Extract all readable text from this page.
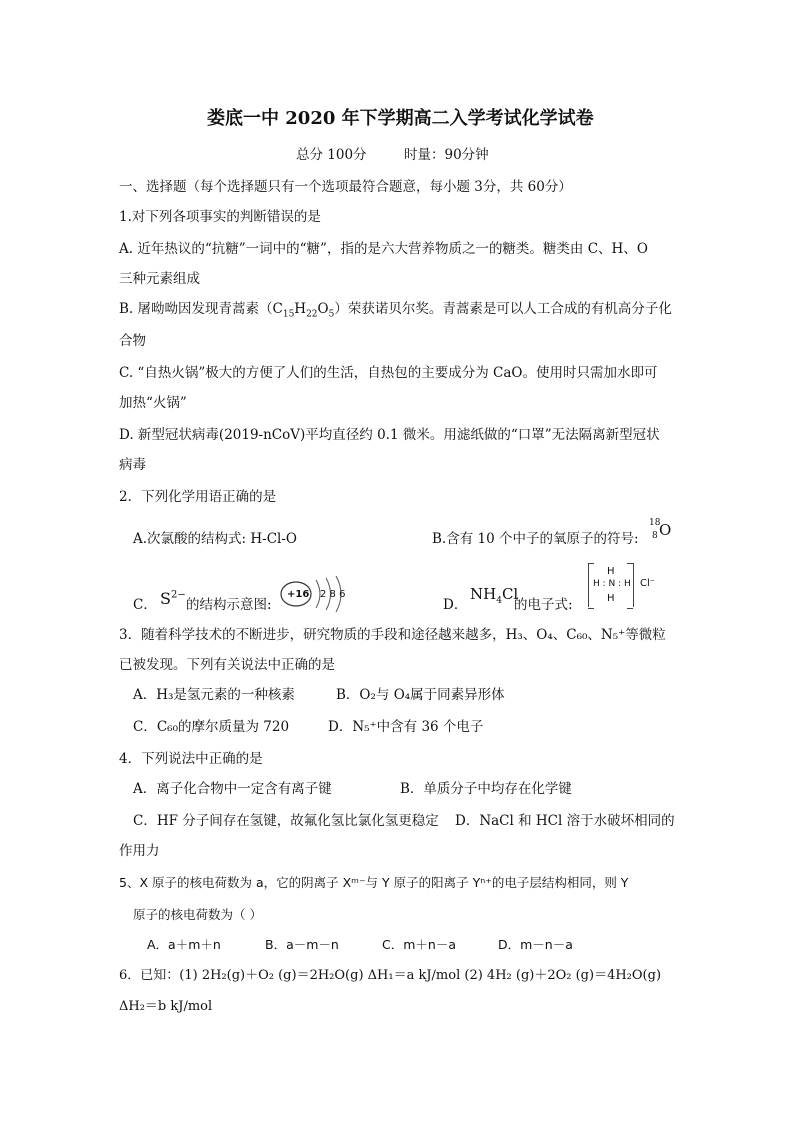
娄底一中 2020 年下学期高二入学考试化学试卷
总分 100分	时量：90分钟
一、选择题（每个选择题只有一个选项最符合题意，每小题 3分，共 60分）
1.对下列各项事实的判断错误的是
A. 近年热议的“抗糖”一词中的“糖”，指的是六大营养物质之一的糖类。糖类由 C、H、O
三种元素组成
B. 屠呦呦因发现青蒿素$(C_{15}H_{22}O_5)$荣获诺贝尔奖。青蒿素是可以人工合成的有机高分子化
合物
C. “自热火锅”极大的方便了人们的生活，自热包的主要成分为 CaO。使用时只需加水即可
加热“火锅”
D. 新型冠状病毒(2019-nCoV)平均直径约 0.1 微米。用滤纸做的“口罩”无法隔离新型冠状
病毒
2．下列化学用语正确的是
A.次氯酸的结构式: H-Cl-O	B.含有 10 个中子的氧原子的符号:
18
8 O
C． $S^{2-}$
的结构示意图:
+16 2 8 6
D．
$NH_4Cl$
的电子式:
H
H : N : H
H
Cl⁻
3．随着科学技术的不断进步，研究物质的手段和途径越来越多，H₃、O₄、C₆₀、N₅⁺等微粒
已被发现。下列有关说法中正确的是
A．H₃是氢元素的一种核素	B．O₂与 O₄属于同素异形体
C．C₆₀的摩尔质量为 720	D．N₅⁺中含有 36 个电子
4．下列说法中正确的是
A．离子化合物中一定含有离子键	B．单质分子中均存在化学键
C．HF 分子间存在氢键，故氟化氢比氯化氢更稳定 D．NaCl 和 HCl 溶于水破坏相同的
作用力
5、X 原子的核电荷数为 a，它的阴离子 Xᵐ⁻与 Y 原子的阳离子 Yⁿ⁺的电子层结构相同，则 Y
原子的核电荷数为（ ）
A．a＋m＋n	B．a－m－n	C．m＋n－a	D．m－n－a
6．已知：(1) 2H₂(g)＋O₂ (g)＝2H₂O(g) ΔH₁＝a kJ/mol (2) 4H₂ (g)＋2O₂ (g)＝4H₂O(g)
ΔH₂＝b kJ/mol
